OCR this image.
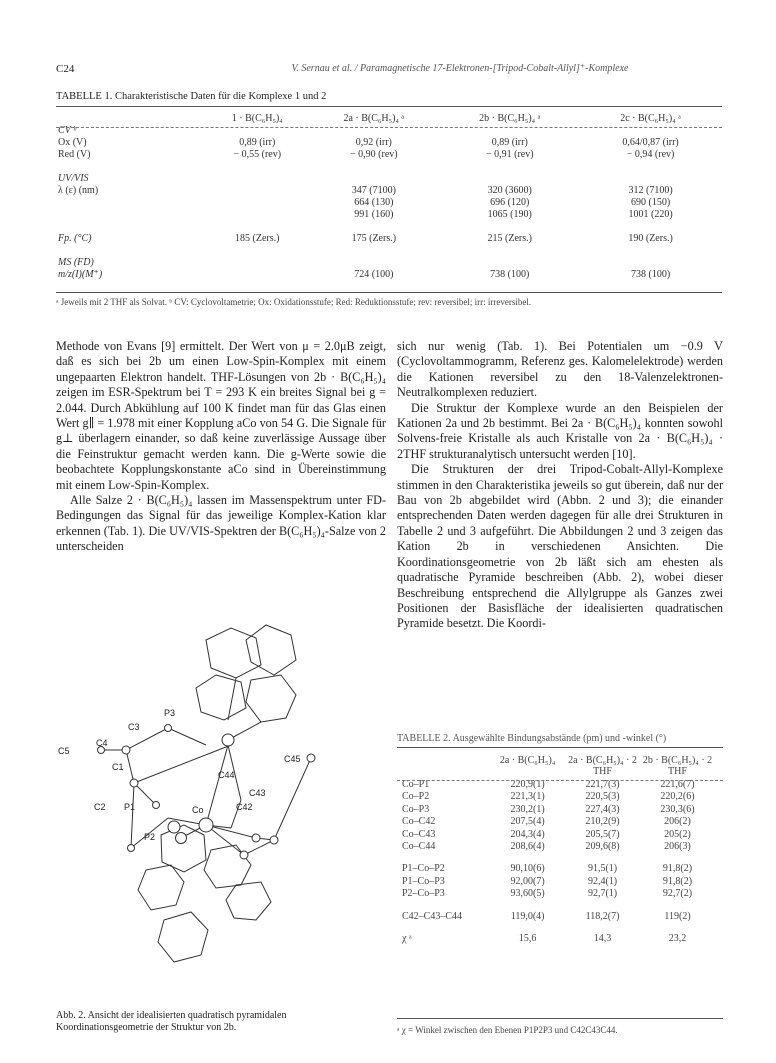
C24	V. Sernau et al. / Paramagnetische 17-Elektronen-[Tripod-Cobalt-Allyl]⁺-Komplexe
TABELLE 1. Charakteristische Daten für die Komplexe 1 und 2
	1 · B(C₆H₅)₄	2a · B(C₆H₅)₄ ᵃ	2b · B(C₆H₅)₄ ᵃ	2c · B(C₆H₅)₄ ᵃ
CV ᵇ				
Ox (V)	0,89 (irr)	0,92 (irr)	0,89 (irr)	0,64/0,87 (irr)
Red (V)	− 0,55 (rev)	− 0,90 (rev)	− 0,91 (rev)	− 0,94 (rev)

UV/VIS				
λ (ε) (nm)		347 (7100)	320 (3600)	312 (7100)
		664 (130)	696 (120)	690 (150)
		991 (160)	1065 (190)	1001 (220)

Fp. (°C)	185 (Zers.)	175 (Zers.)	215 (Zers.)	190 (Zers.)

MS (FD)				
m/z(I)(M⁺)		724 (100)	738 (100)	738 (100)
ᵃ Jeweils mit 2 THF als Solvat. ᵇ CV: Cyclovoltametrie; Ox: Oxidationsstufe; Red: Reduktionsstufe; rev: reversibel; irr: irreversibel.

Methode von Evans [9] ermittelt. Der Wert von μ = 2.0μB zeigt, daß es sich bei 2b um einen Low-Spin-Komplex mit einem ungepaarten Elektron handelt. THF-Lösungen von 2b · B(C₆H₅)₄ zeigen im ESR-Spektrum bei T = 293 K ein breites Signal bei g = 2.044. Durch Abkühlung auf 100 K findet man für das Glas einen Wert g∥ = 1.978 mit einer Kopplung aCo von 54 G. Die Signale für g⊥ überlagern einander, so daß keine zuverlässige Aussage über die Feinstruktur gemacht werden kann. Die g-Werte sowie die beobachtete Kopplungskonstante aCo sind in Übereinstimmung mit einem Low-Spin-Komplex.

Alle Salze 2 · B(C₆H₅)₄ lassen im Massenspektrum unter FD-Bedingungen das Signal für das jeweilige Komplex-Kation klar erkennen (Tab. 1). Die UV/VIS-Spektren der B(C₆H₅)₄-Salze von 2 unterscheiden

sich nur wenig (Tab. 1). Bei Potentialen um −0.9 V (Cyclovoltammogramm, Referenz ges. Kalomelelektrode) werden die Kationen reversibel zu den 18-Valenzelektronen-Neutralkomplexen reduziert.

Die Struktur der Komplexe wurde an den Beispielen der Kationen 2a und 2b bestimmt. Bei 2a · B(C₆H₅)₄ konnten sowohl Solvens-freie Kristalle als auch Kristalle von 2a · B(C₆H₅)₄ · 2THF strukturanalytisch untersucht werden [10].

Die Strukturen der drei Tripod-Cobalt-Allyl-Komplexe stimmen in den Charakteristika jeweils so gut überein, daß nur der Bau von 2b abgebildet wird (Abbn. 2 und 3); die einander entsprechenden Daten werden dagegen für alle drei Strukturen in Tabelle 2 und 3 aufgeführt. Die Abbildungen 2 und 3 zeigen das Kation 2b in verschiedenen Ansichten. Die Koordinationsgeometrie von 2b läßt sich am ehesten als quadratische Pyramide beschreiben (Abb. 2), wobei dieser Beschreibung entsprechend die Allylgruppe als Ganzes zwei Positionen der Basisfläche der idealisierten quadratischen Pyramide besetzt. Die Koordi-

C3
P3
C5
C4
C1
C2 P1	Co
C44
C45
C43
C42
P2
Abb. 2. Ansicht der idealisierten quadratisch pyramidalen Koordinationsgeometrie der Struktur von 2b.
TABELLE 2. Ausgewählte Bindungsabstände (pm) und -winkel (°)
	2a · B(C₆H₅)₄	2a · B(C₆H₅)₄ · 2 THF	2b · B(C₆H₅)₄ · 2 THF
Co–P1	220,9(1)	221,7(3)	221,6(7)
Co–P2	221,3(1)	220,5(3)	220,2(6)
Co–P3	230,2(1)	227,4(3)	230,3(6)
Co–C42	207,5(4)	210,2(9)	206(2)
Co–C43	204,3(4)	205,5(7)	205(2)
Co–C44	208,6(4)	209,6(8)	206(3)

P1–Co–P2	90,10(6)	91,5(1)	91,8(2)
P1–Co–P3	92,00(7)	92,4(1)	91,8(2)
P2–Co–P3	93,60(5)	92,7(1)	92,7(2)

C42–C43–C44	119,0(4)	118,2(7)	119(2)

χ ᵃ	15,6	14,3	23,2
ᵃ χ = Winkel zwischen den Ebenen P1P2P3 und C42C43C44.
